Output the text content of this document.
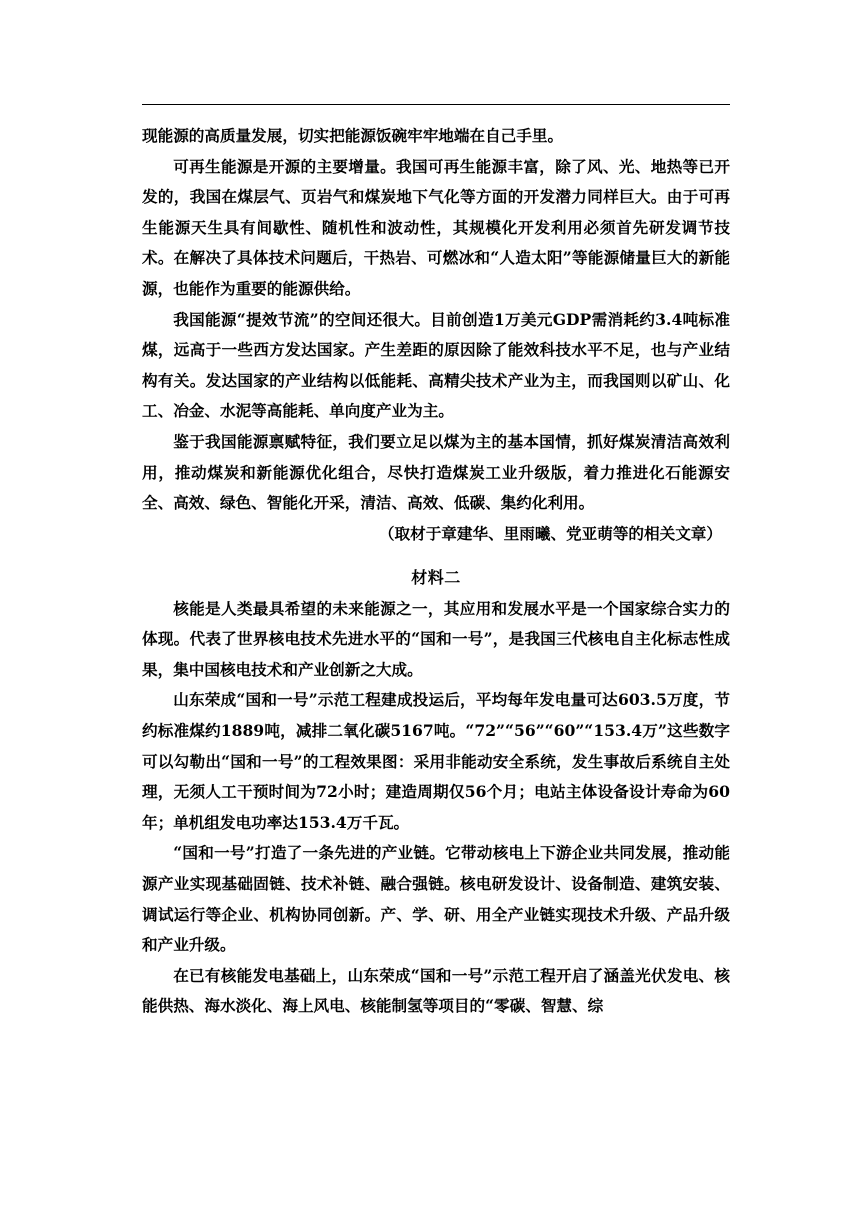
现能源的高质量发展，切实把能源饭碗牢牢地端在自己手里。

可再生能源是开源的主要增量。我国可再生能源丰富，除了风、光、地热等已开发的，我国在煤层气、页岩气和煤炭地下气化等方面的开发潜力同样巨大。由于可再生能源天生具有间歇性、随机性和波动性，其规模化开发利用必须首先研发调节技术。在解决了具体技术问题后，干热岩、可燃冰和“人造太阳”等能源储量巨大的新能源，也能作为重要的能源供给。

我国能源“提效节流”的空间还很大。目前创造1万美元GDP需消耗约3.4吨标准煤，远高于一些西方发达国家。产生差距的原因除了能效科技水平不足，也与产业结构有关。发达国家的产业结构以低能耗、高精尖技术产业为主，而我国则以矿山、化工、冶金、水泥等高能耗、单向度产业为主。

鉴于我国能源禀赋特征，我们要立足以煤为主的基本国情，抓好煤炭清洁高效利用，推动煤炭和新能源优化组合，尽快打造煤炭工业升级版，着力推进化石能源安全、高效、绿色、智能化开采，清洁、高效、低碳、集约化利用。

（取材于章建华、里雨曦、党亚萌等的相关文章）

材料二

核能是人类最具希望的未来能源之一，其应用和发展水平是一个国家综合实力的体现。代表了世界核电技术先进水平的“国和一号”，是我国三代核电自主化标志性成果，集中国核电技术和产业创新之大成。

山东荣成“国和一号”示范工程建成投运后，平均每年发电量可达603.5万度，节约标准煤约1889吨，减排二氧化碳5167吨。“72”“56”“60”“153.4万”这些数字可以勾勒出“国和一号”的工程效果图：采用非能动安全系统，发生事故后系统自主处理，无须人工干预时间为72小时；建造周期仅56个月；电站主体设备设计寿命为60年；单机组发电功率达153.4万千瓦。

“国和一号”打造了一条先进的产业链。它带动核电上下游企业共同发展，推动能源产业实现基础固链、技术补链、融合强链。核电研发设计、设备制造、建筑安装、调试运行等企业、机构协同创新。产、学、研、用全产业链实现技术升级、产品升级和产业升级。

在已有核能发电基础上，山东荣成“国和一号”示范工程开启了涵盖光伏发电、核能供热、海水淡化、海上风电、核能制氢等项目的“零碳、智慧、综
